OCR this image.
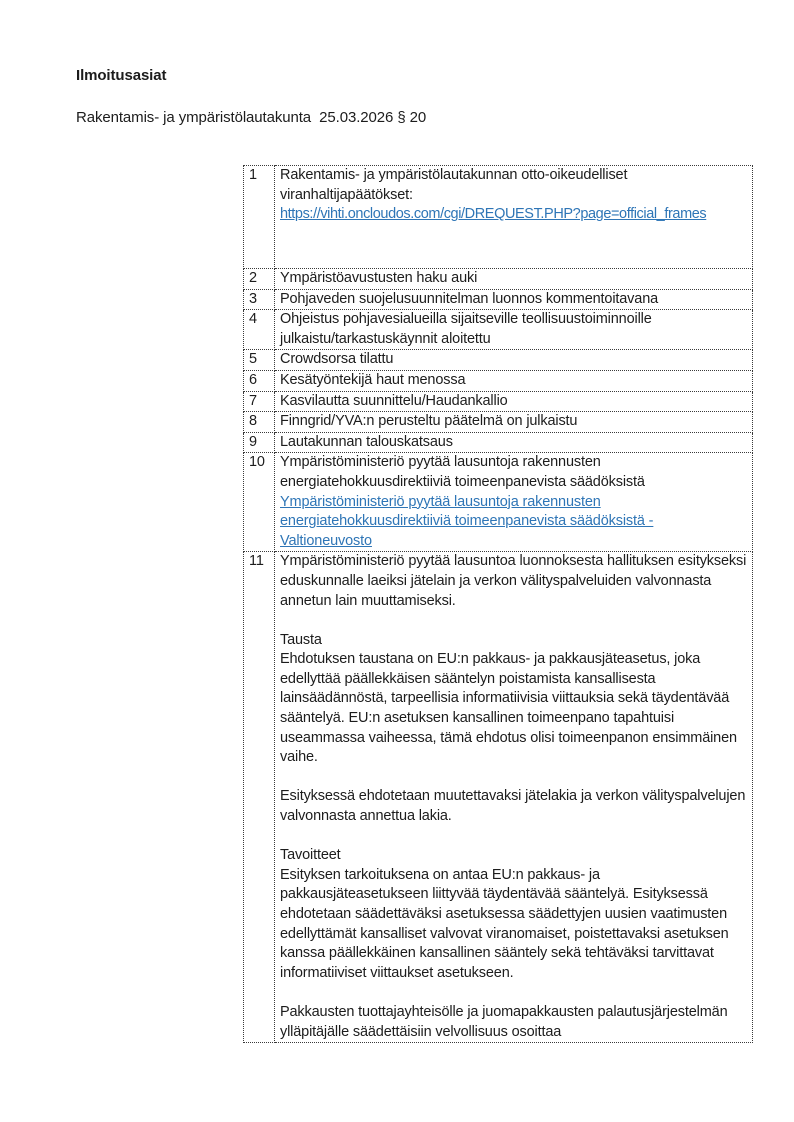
Ilmoitusasiat
Rakentamis- ja ympäristölautakunta  25.03.2026 § 20
1	Rakentamis- ja ympäristölautakunnan otto-oikeudelliset viranhaltijapäätökset:
https://vihti.oncloudos.com/cgi/DREQUEST.PHP?page=official_frames
2	Ympäristöavustusten haku auki
3	Pohjaveden suojelusuunnitelman luonnos kommentoitavana
4	Ohjeistus pohjavesialueilla sijaitseville teollisuustoiminnoille julkaistu/tarkastuskäynnit aloitettu
5	Crowdsorsa tilattu
6	Kesätyöntekijä haut menossa
7	Kasvilautta suunnittelu/Haudankallio
8	Finngrid/YVA:n perusteltu päätelmä on julkaistu
9	Lautakunnan talouskatsaus
10	Ympäristöministeriö pyytää lausuntoja rakennusten energiatehokkuusdirektiiviä toimeenpanevista säädöksistä
Ympäristöministeriö pyytää lausuntoja rakennusten energiatehokkuusdirektiiviä toimeenpanevista säädöksistä - Valtioneuvosto
11	Ympäristöministeriö pyytää lausuntoa luonnoksesta hallituksen esitykseksi eduskunnalle laeiksi jätelain ja verkon välityspalveluiden valvonnasta annetun lain muuttamiseksi.
Tausta
Ehdotuksen taustana on EU:n pakkaus- ja pakkausjäteasetus, joka edellyttää päällekkäisen sääntelyn poistamista kansallisesta lainsäädännöstä, tarpeellisia informatiivisia viittauksia sekä täydentävää sääntelyä. EU:n asetuksen kansallinen toimeenpano tapahtuisi useammassa vaiheessa, tämä ehdotus olisi toimeenpanon ensimmäinen vaihe.
Esityksessä ehdotetaan muutettavaksi jätelakia ja verkon välityspalvelujen valvonnasta annettua lakia.
Tavoitteet
Esityksen tarkoituksena on antaa EU:n pakkaus- ja pakkausjäteasetukseen liittyvää täydentävää sääntelyä. Esityksessä ehdotetaan säädettäväksi asetuksessa säädettyjen uusien vaatimusten edellyttämät kansalliset valvovat viranomaiset, poistettavaksi asetuksen kanssa päällekkäinen kansallinen sääntely sekä tehtäväksi tarvittavat informatiiviset viittaukset asetukseen.
Pakkausten tuottajayhteisölle ja juomapakkausten palautusjärjestelmän ylläpitäjälle säädettäisiin velvollisuus osoittaa
